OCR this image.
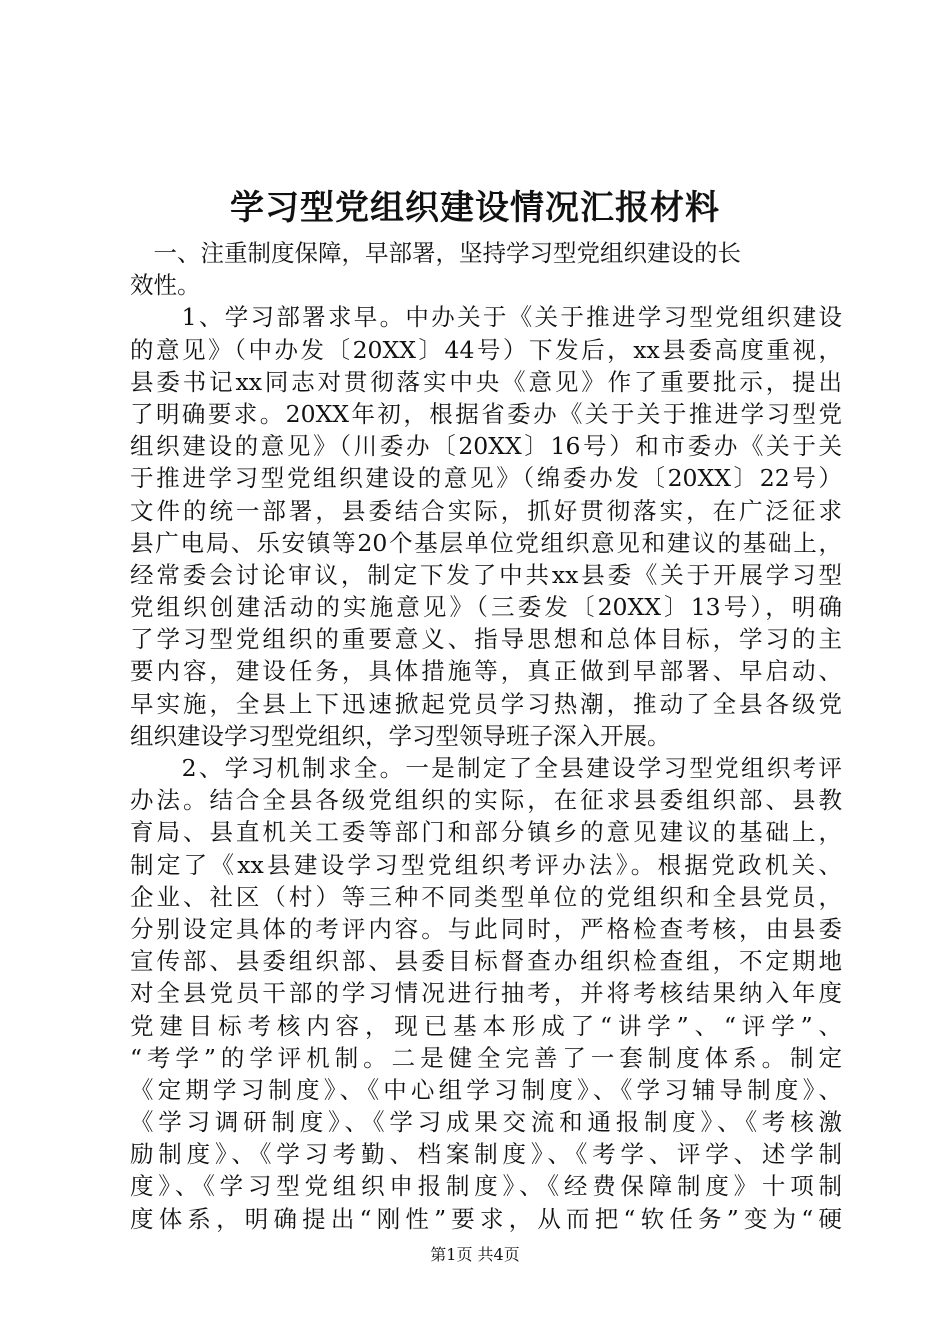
学习型党组织建设情况汇报材料
　一、注重制度保障，早部署，坚持学习型党组织建设的长
效性。
　　1、学习部署求早。中办关于《关于推进学习型党组织建设
的意见》（中办发〔20XX〕44号）下发后，xx县委高度重视，
县委书记xx同志对贯彻落实中央《意见》作了重要批示，提出
了明确要求。20XX年初，根据省委办《关于关于推进学习型党
组织建设的意见》（川委办〔20XX〕16号）和市委办《关于关
于推进学习型党组织建设的意见》（绵委办发〔20XX〕22号）
文件的统一部署，县委结合实际，抓好贯彻落实，在广泛征求
县广电局、乐安镇等20个基层单位党组织意见和建议的基础上，
经常委会讨论审议，制定下发了中共xx县委《关于开展学习型
党组织创建活动的实施意见》（三委发〔20XX〕13号），明确
了学习型党组织的重要意义、指导思想和总体目标，学习的主
要内容，建设任务，具体措施等，真正做到早部署、早启动、
早实施，全县上下迅速掀起党员学习热潮，推动了全县各级党
组织建设学习型党组织，学习型领导班子深入开展。
　　2、学习机制求全。一是制定了全县建设学习型党组织考评
办法。结合全县各级党组织的实际，在征求县委组织部、县教
育局、县直机关工委等部门和部分镇乡的意见建议的基础上，
制定了《xx县建设学习型党组织考评办法》。根据党政机关、
企业、社区（村）等三种不同类型单位的党组织和全县党员，
分别设定具体的考评内容。与此同时，严格检查考核，由县委
宣传部、县委组织部、县委目标督查办组织检查组，不定期地
对全县党员干部的学习情况进行抽考，并将考核结果纳入年度
党建目标考核内容，现已基本形成了“讲学”、“评学”、
“考学”的学评机制。二是健全完善了一套制度体系。制定
《定期学习制度》、《中心组学习制度》、《学习辅导制度》、
《学习调研制度》、《学习成果交流和通报制度》、《考核激
励制度》、《学习考勤、档案制度》、《考学、评学、述学制
度》、《学习型党组织申报制度》、《经费保障制度》十项制
度体系，明确提出“刚性”要求，从而把“软任务”变为“硬
第1页 共4页
